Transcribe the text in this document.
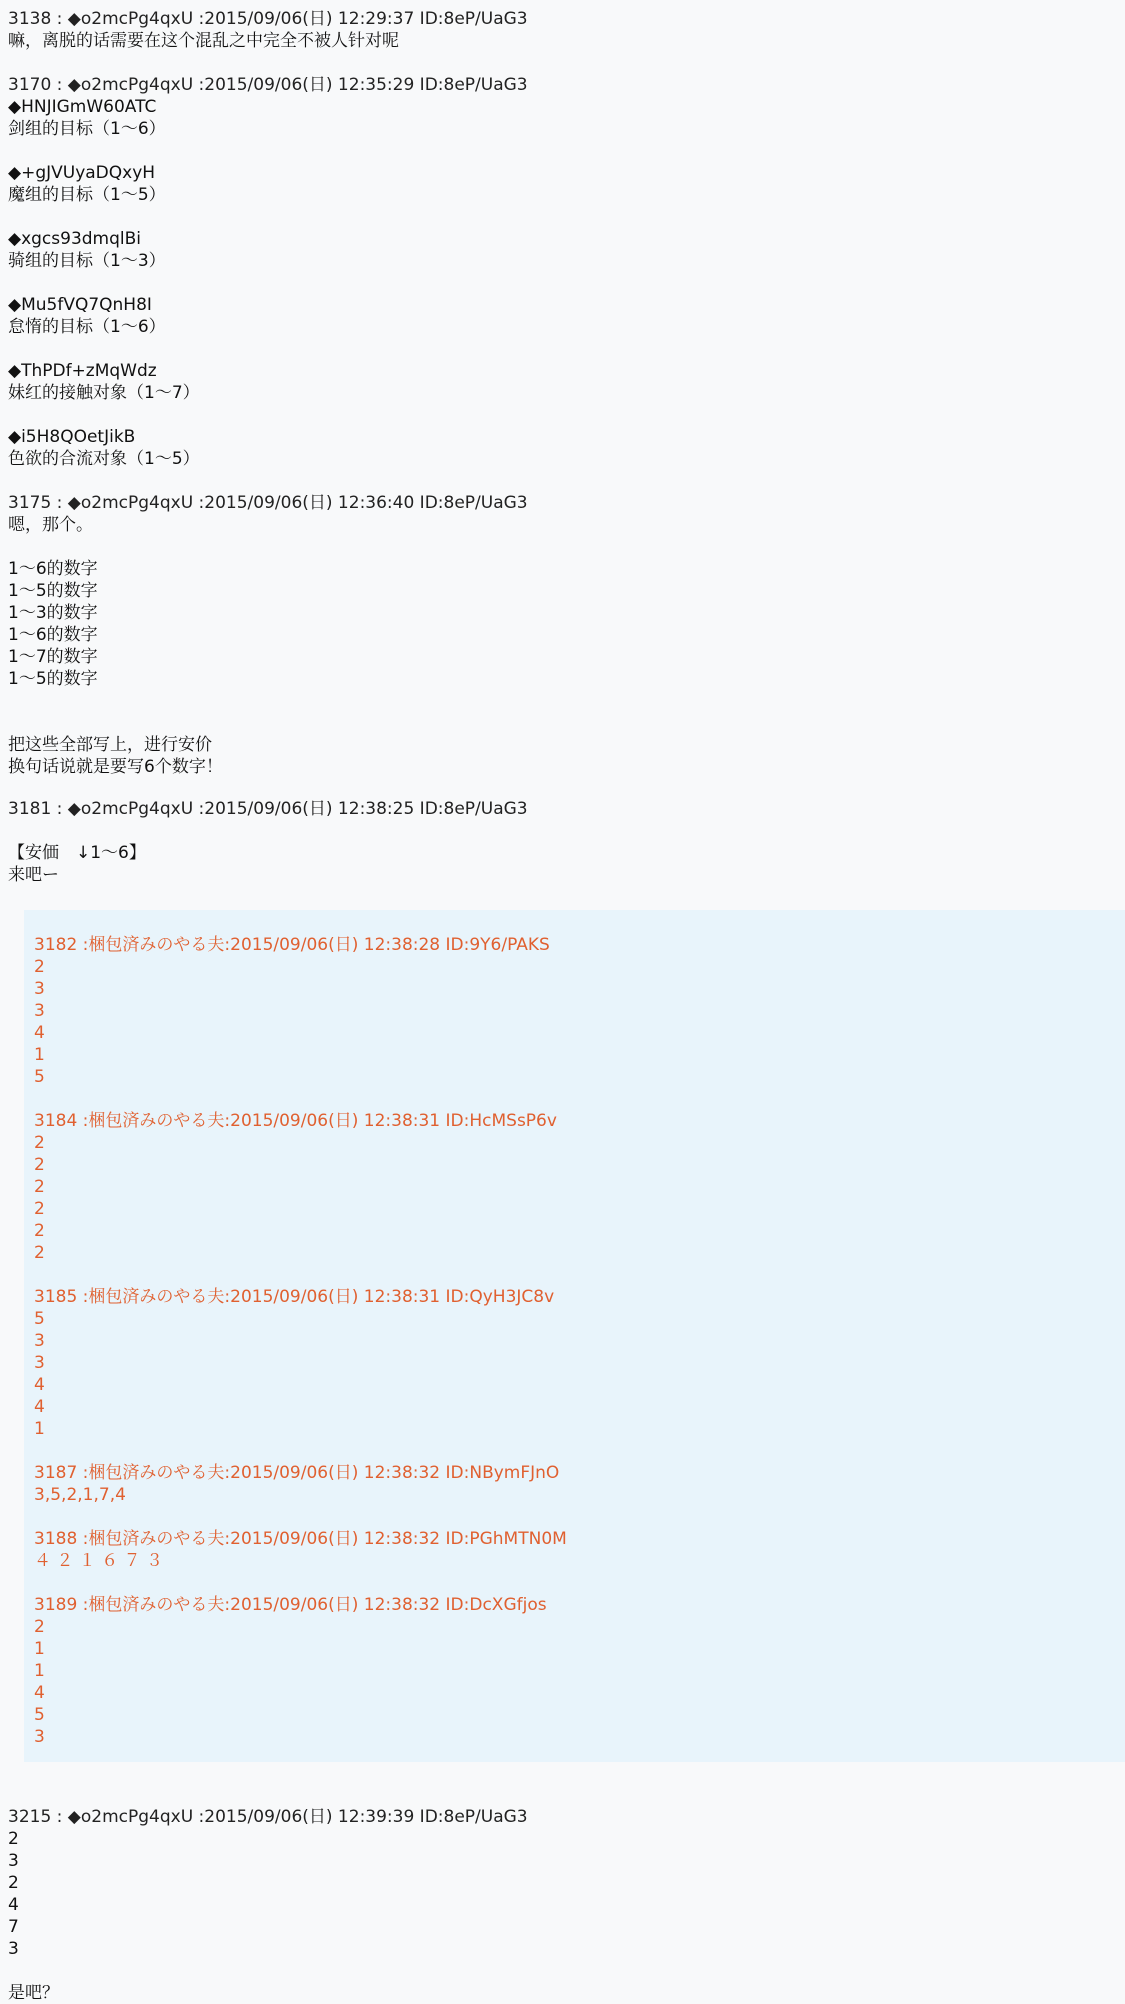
3138 : ◆o2mcPg4qxU :2015/09/06(日) 12:29:37 ID:8eP/UaG3
嘛，离脱的话需要在这个混乱之中完全不被人针对呢
3170 : ◆o2mcPg4qxU :2015/09/06(日) 12:35:29 ID:8eP/UaG3
◆HNJIGmW60ATC
剑组的目标（1～6）
◆+gJVUyaDQxyH
魔组的目标（1～5）
◆xgcs93dmqlBi
骑组的目标（1～3）
◆Mu5fVQ7QnH8I
怠惰的目标（1～6）
◆ThPDf+zMqWdz
妹红的接触对象（1～7）
◆i5H8QOetJikB
色欲的合流对象（1～5）
3175 : ◆o2mcPg4qxU :2015/09/06(日) 12:36:40 ID:8eP/UaG3
嗯，那个。
1～6的数字
1～5的数字
1～3的数字
1～6的数字
1～7的数字
1～5的数字
把这些全部写上，进行安价
换句话说就是要写6个数字！
3181 : ◆o2mcPg4qxU :2015/09/06(日) 12:38:25 ID:8eP/UaG3
【安価　↓1～6】
来吧ー
3182 :梱包済みのやる夫:2015/09/06(日) 12:38:28 ID:9Y6/PAKS
2
3
3
4
1
5
3184 :梱包済みのやる夫:2015/09/06(日) 12:38:31 ID:HcMSsP6v
2
2
2
2
2
2
3185 :梱包済みのやる夫:2015/09/06(日) 12:38:31 ID:QyH3JC8v
5
3
3
4
4
1
3187 :梱包済みのやる夫:2015/09/06(日) 12:38:32 ID:NBymFJnO
3,5,2,1,7,4
3188 :梱包済みのやる夫:2015/09/06(日) 12:38:32 ID:PGhMTN0M
４ ２ １ ６ ７ ３
3189 :梱包済みのやる夫:2015/09/06(日) 12:38:32 ID:DcXGfjos
2
1
1
4
5
3
3215 : ◆o2mcPg4qxU :2015/09/06(日) 12:39:39 ID:8eP/UaG3
2
3
2
4
7
3
是吧？
